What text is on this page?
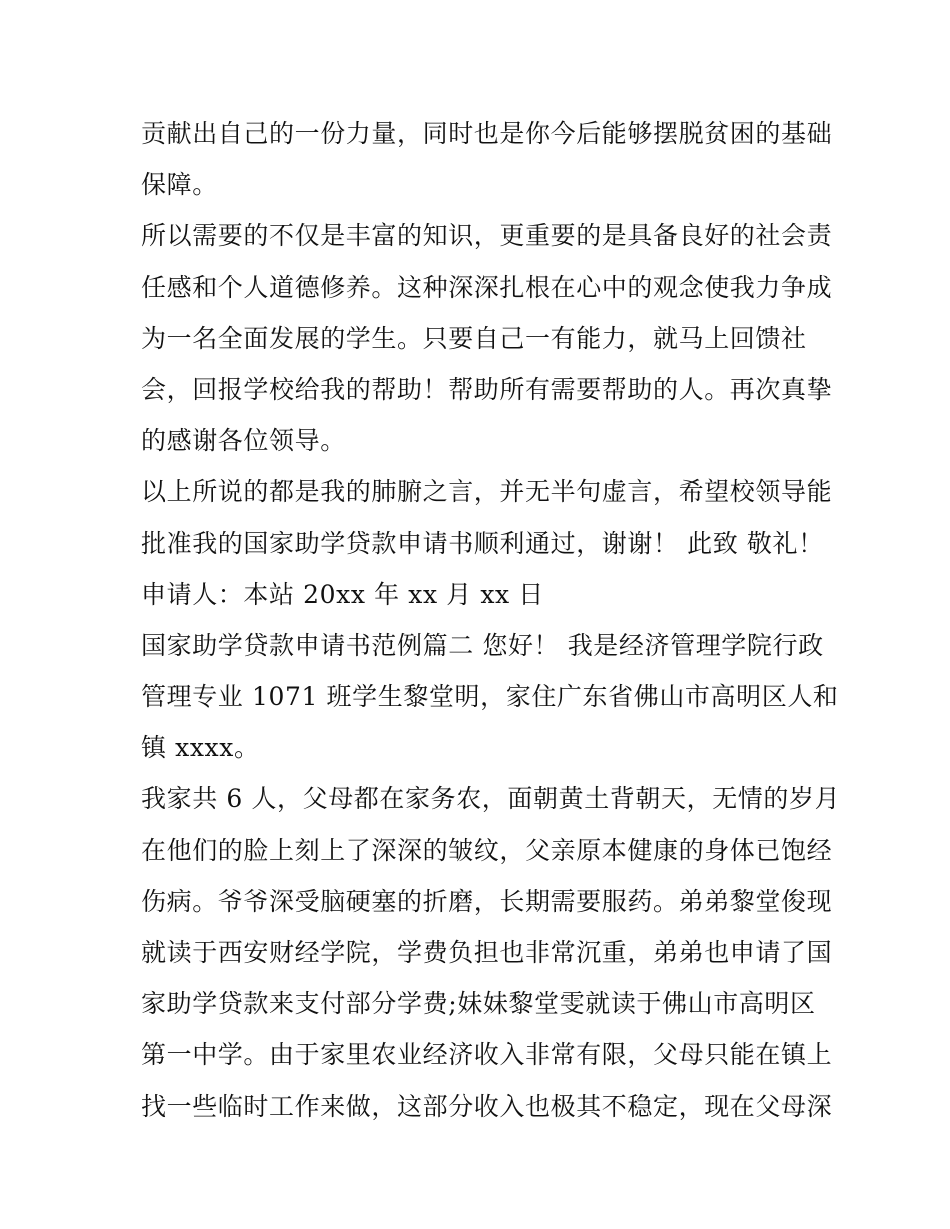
贡献出自己的一份力量，同时也是你今后能够摆脱贫困的基础
保障。
所以需要的不仅是丰富的知识，更重要的是具备良好的社会责
任感和个人道德修养。这种深深扎根在心中的观念使我力争成
为一名全面发展的学生。只要自己一有能力，就马上回馈社
会，回报学校给我的帮助！帮助所有需要帮助的人。再次真挚
的感谢各位领导。
以上所说的都是我的肺腑之言，并无半句虚言，希望校领导能
批准我的国家助学贷款申请书顺利通过，谢谢！ 此致 敬礼！
申请人：本站 20xx 年 xx 月 xx 日
国家助学贷款申请书范例篇二 您好！ 我是经济管理学院行政
管理专业 1071 班学生黎堂明，家住广东省佛山市高明区人和
镇 xxxx。
我家共 6 人，父母都在家务农，面朝黄土背朝天，无情的岁月
在他们的脸上刻上了深深的皱纹，父亲原本健康的身体已饱经
伤病。爷爷深受脑硬塞的折磨，长期需要服药。弟弟黎堂俊现
就读于西安财经学院，学费负担也非常沉重，弟弟也申请了国
家助学贷款来支付部分学费;妹妹黎堂雯就读于佛山市高明区
第一中学。由于家里农业经济收入非常有限，父母只能在镇上
找一些临时工作来做，这部分收入也极其不稳定，现在父母深
